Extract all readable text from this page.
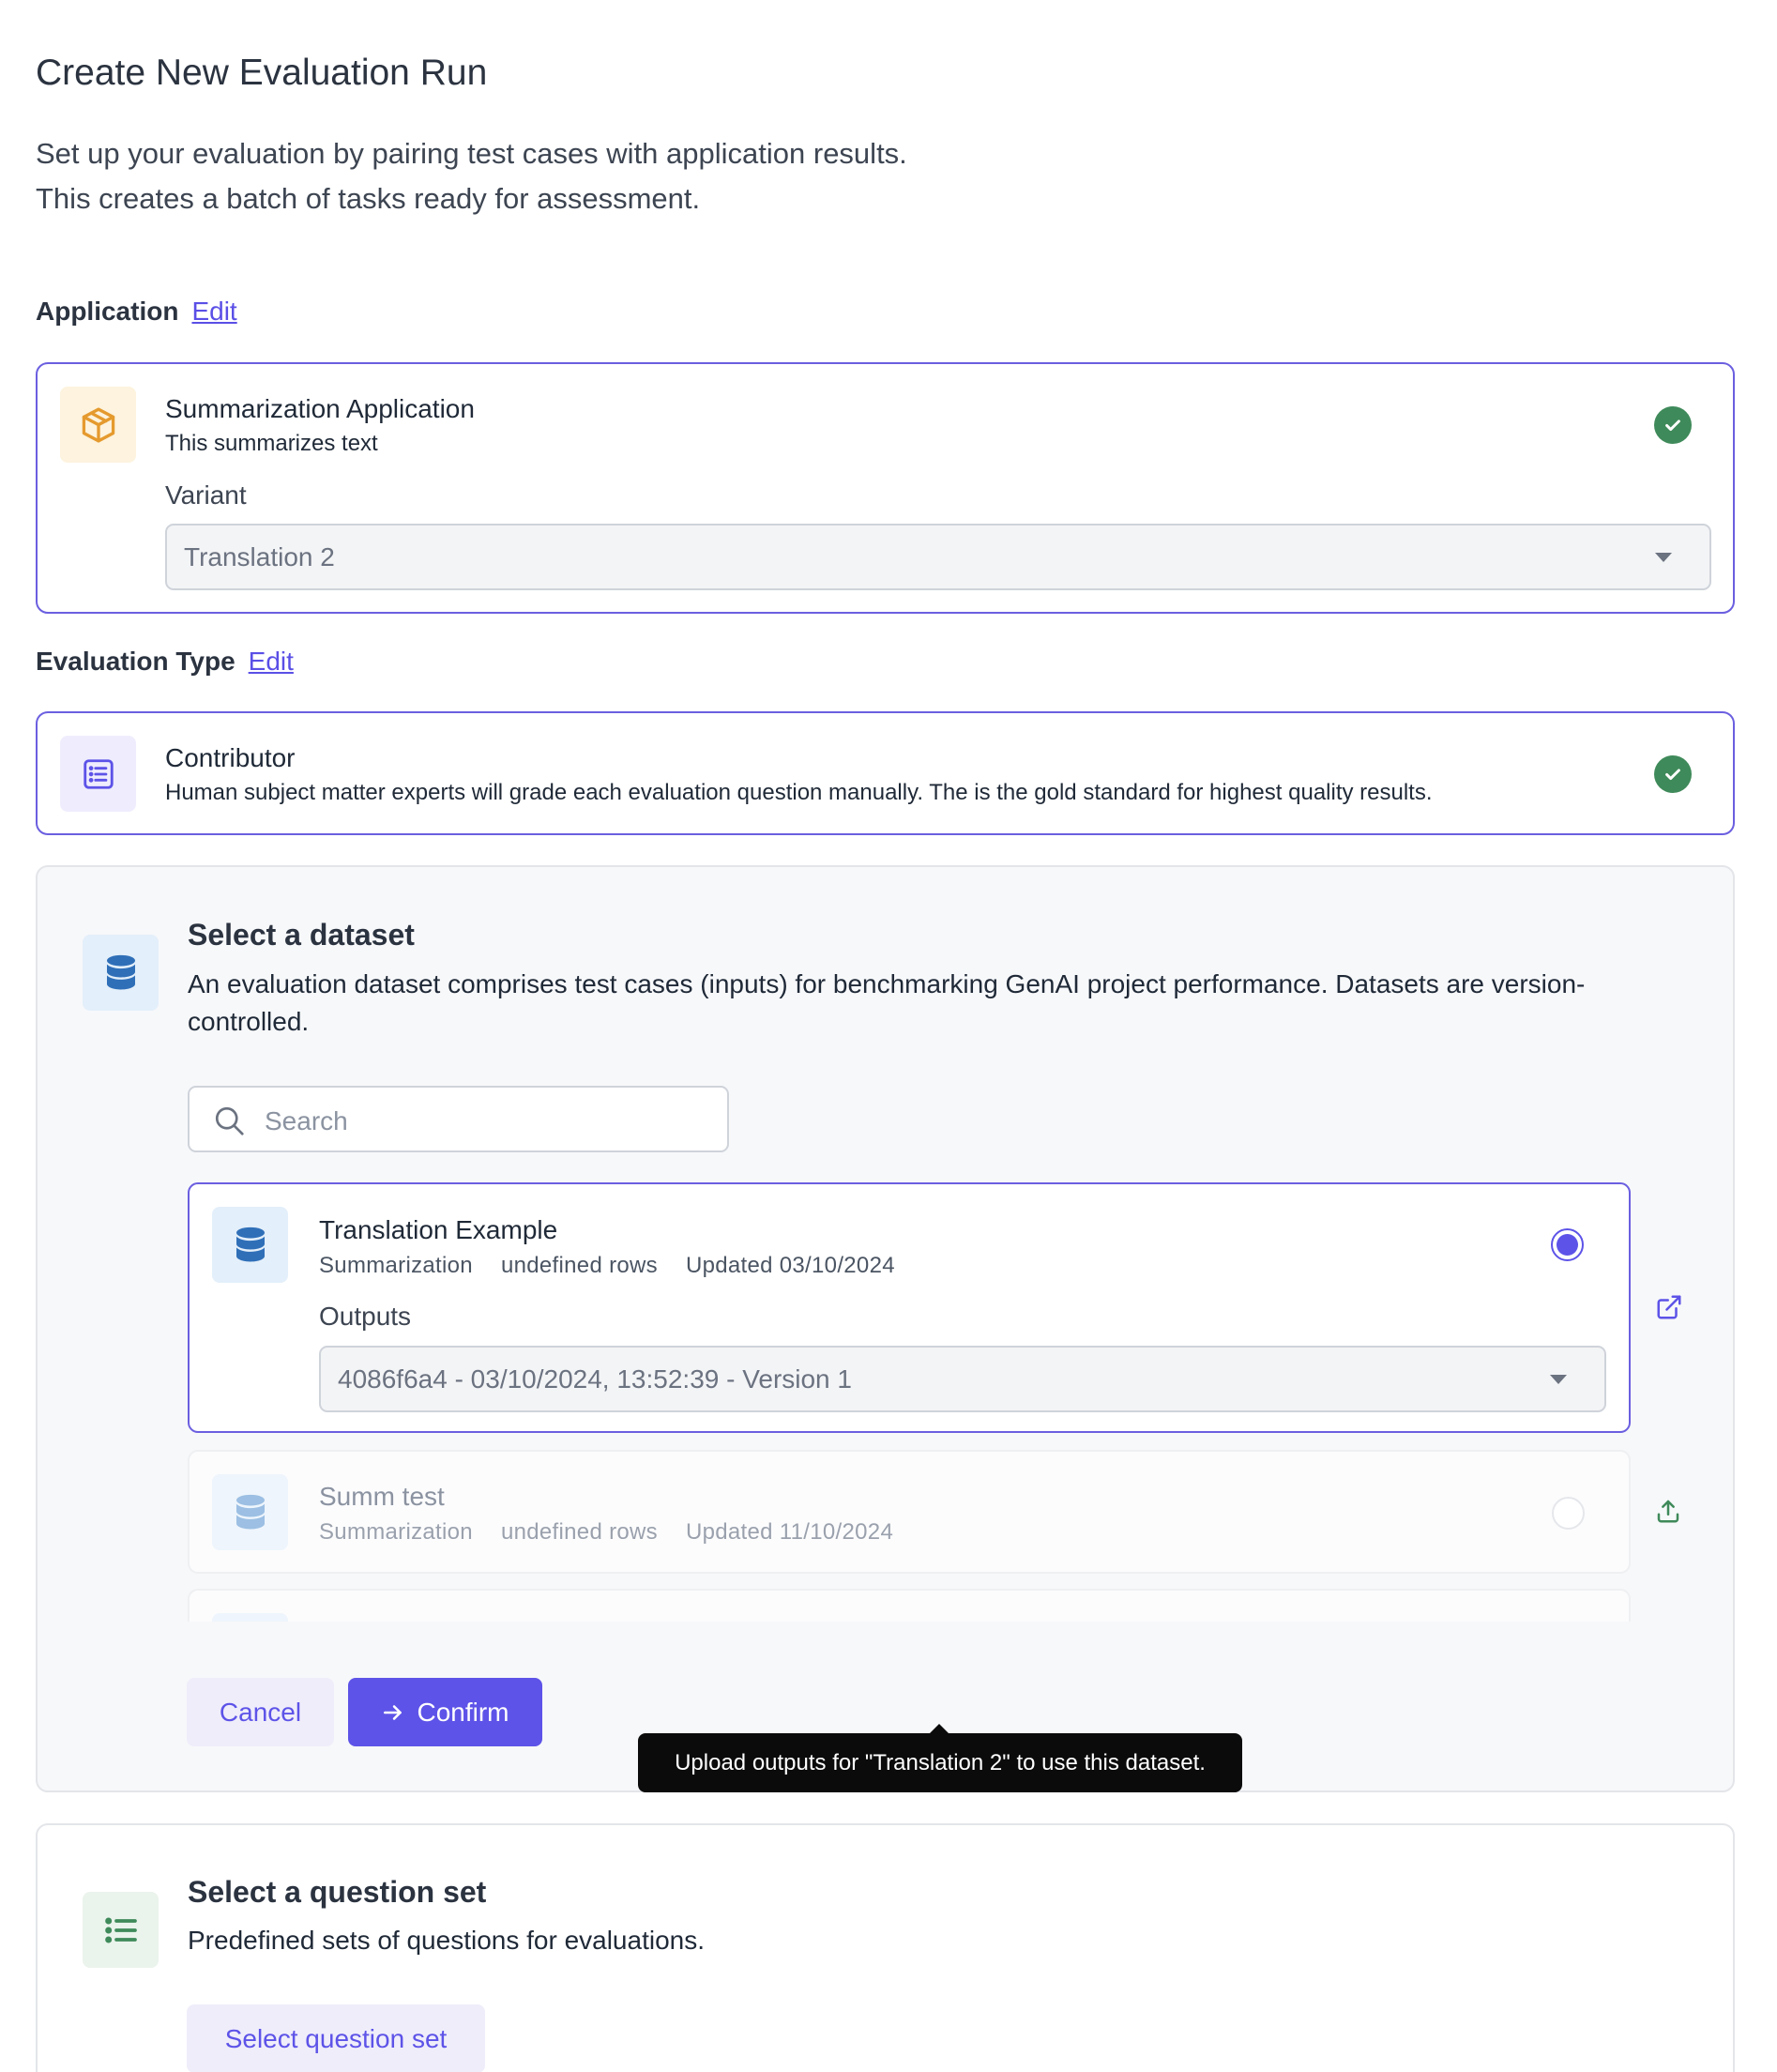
Create New Evaluation Run
Set up your evaluation by pairing test cases with application results.
This creates a batch of tasks ready for assessment.
Application Edit
Summarization Application
This summarizes text
Variant
Translation 2
Evaluation Type Edit
Contributor
Human subject matter experts will grade each evaluation question manually. The is the gold standard for highest quality results.
Select a dataset
An evaluation dataset comprises test cases (inputs) for benchmarking GenAI project performance. Datasets are version-
controlled.
Search
Translation Example
Summarization undefined rows Updated 03/10/2024
Outputs
4086f6a4 - 03/10/2024, 13:52:39 - Version 1
Summ test
Summarization undefined rows Updated 11/10/2024
Cancel	Confirm
Upload outputs for "Translation 2" to use this dataset.
Select a question set
Predefined sets of questions for evaluations.
Select question set
